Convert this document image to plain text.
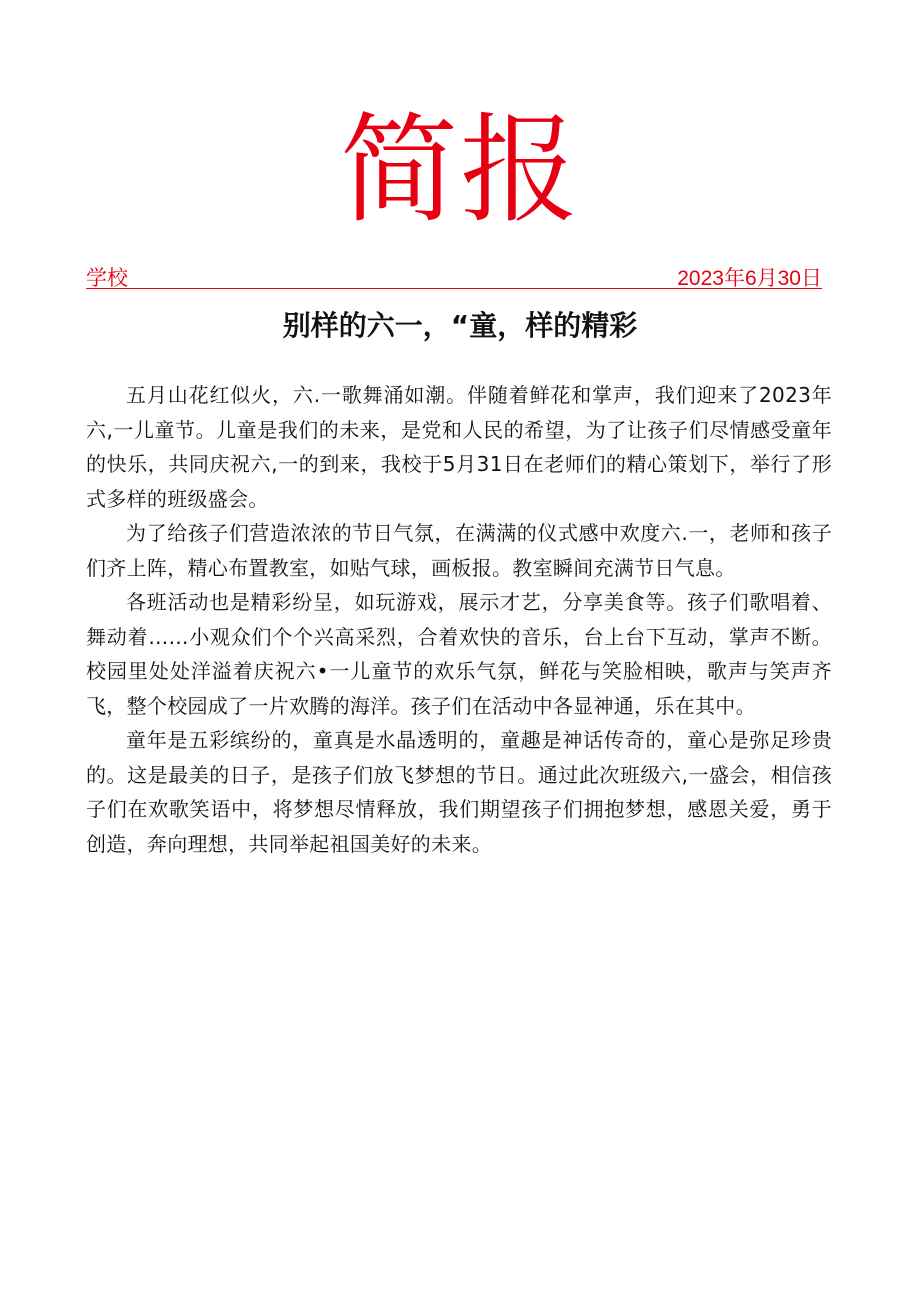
简报
学校	2023年6月30日
别样的六一，“童，样的精彩

五月山花红似火，六.一歌舞涌如潮。伴随着鲜花和掌声，我们迎来了2023年六,一儿童节。儿童是我们的未来，是党和人民的希望，为了让孩子们尽情感受童年的快乐，共同庆祝六,一的到来，我校于5月31日在老师们的精心策划下，举行了形式多样的班级盛会。

为了给孩子们营造浓浓的节日气氛，在满满的仪式感中欢度六.一，老师和孩子们齐上阵，精心布置教室，如贴气球，画板报。教室瞬间充满节日气息。

各班活动也是精彩纷呈，如玩游戏，展示才艺，分享美食等。孩子们歌唱着、舞动着……小观众们个个兴高采烈，合着欢快的音乐，台上台下互动，掌声不断。校园里处处洋溢着庆祝六•一儿童节的欢乐气氛，鲜花与笑脸相映，歌声与笑声齐飞，整个校园成了一片欢腾的海洋。孩子们在活动中各显神通，乐在其中。

童年是五彩缤纷的，童真是水晶透明的，童趣是神话传奇的，童心是弥足珍贵的。这是最美的日子，是孩子们放飞梦想的节日。通过此次班级六,一盛会，相信孩子们在欢歌笑语中，将梦想尽情释放，我们期望孩子们拥抱梦想，感恩关爱，勇于创造，奔向理想，共同举起祖国美好的未来。
